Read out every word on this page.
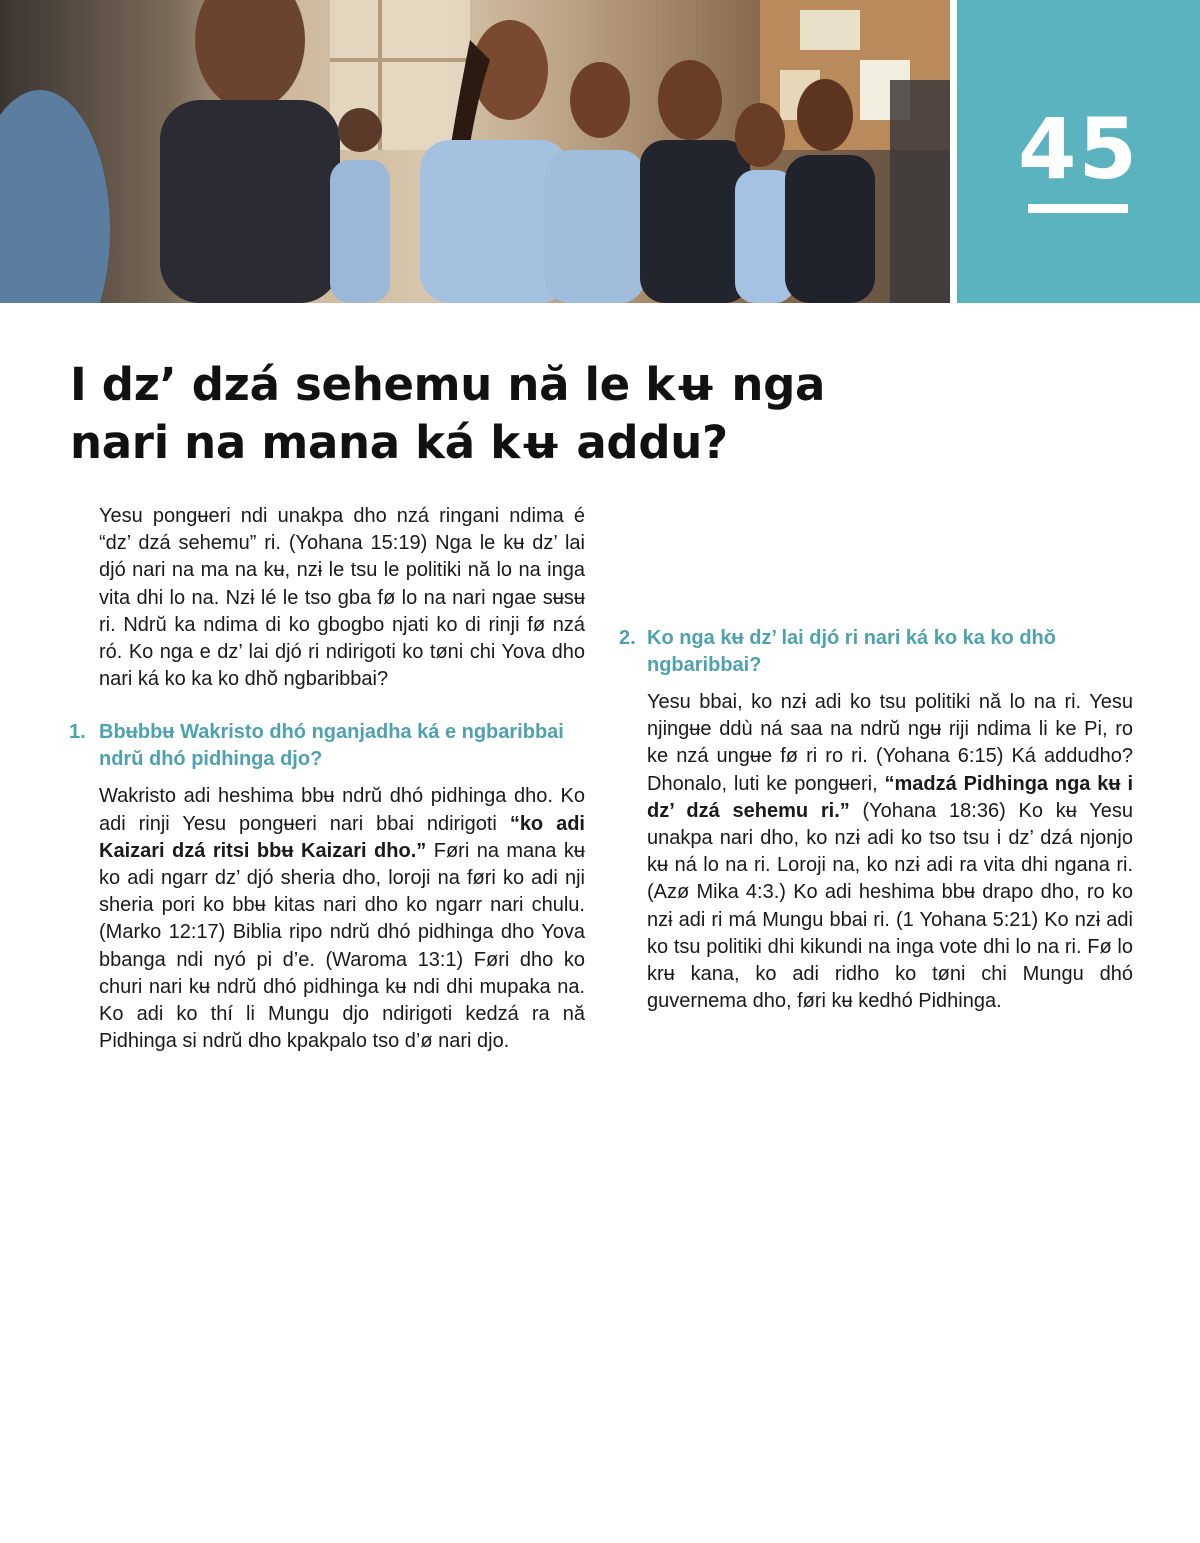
45
I dz’ dzá sehemu nă le kʉ nga
nari na mana ká kʉ addu?

Yesu pongʉeri ndi unakpa dho nzá ringani ndima é “dz’ dzá sehemu” ri. (Yohana 15:19) Nga le kʉ dz’ lai djó nari na ma na kʉ, nzɨ le tsu le politiki nă lo na inga vita dhi lo na. Nzɨ lé le tso gba fø lo na nari ngae sʉsʉ ri. Ndrŭ ka ndima di ko gbogbo njati ko di rinji fø nzá ró. Ko nga e dz’ lai djó ri ndirigoti ko tøni chi Yova dho nari ká ko ka ko dhŏ ngbaribbai?

1. Bbʉbbʉ Wakristo dhó nganjadha ká e ngbaribbai ndrŭ dhó pidhinga djo?

Wakristo adi heshima bbʉ ndrŭ dhó pidhinga dho. Ko adi rinji Yesu pongʉeri nari bbai ndirigoti “ko adi Kaizari dzá ritsi bbʉ Kaizari dho.” Føri na mana kʉ ko adi ngarr dz’ djó sheria dho, loroji na føri ko adi nji sheria pori ko bbʉ kitas nari dho ko ngarr nari chulu. (Marko 12:17) Biblia ripo ndrŭ dhó pidhinga dho Yova bbanga ndi nyó pi d’e. (Waroma 13:1) Føri dho ko churi nari kʉ ndrŭ dhó pidhinga kʉ ndi dhi mupaka na. Ko adi ko thí li Mungu djo ndirigoti kedzá ra nă Pidhinga si ndrŭ dho kpakpalo tso d’ø nari djo.

2. Ko nga kʉ dz’ lai djó ri nari ká ko ka ko dhŏ ngbaribbai?

Yesu bbai, ko nzɨ adi ko tsu politiki nă lo na ri. Yesu njingʉe ddù ná saa na ndrŭ ngʉ riji ndima li ke Pi, ro ke nzá ungʉe fø ri ro ri. (Yohana 6:15) Ká addudho? Dhonalo, luti ke pongʉeri, “madzá Pidhinga nga kʉ i dz’ dzá sehemu ri.” (Yohana 18:36) Ko kʉ Yesu unakpa nari dho, ko nzɨ adi ko tso tsu i dz’ dzá njonjo kʉ ná lo na ri. Loroji na, ko nzɨ adi ra vita dhi ngana ri. (Azø Mika 4:3.) Ko adi heshima bbʉ drapo dho, ro ko nzɨ adi ri má Mungu bbai ri. (1 Yohana 5:21) Ko nzɨ adi ko tsu politiki dhi kikundi na inga vote dhi lo na ri. Fø lo krʉ kana, ko adi ridho ko tøni chi Mungu dhó guvernema dho, føri kʉ kedhó Pidhinga.
